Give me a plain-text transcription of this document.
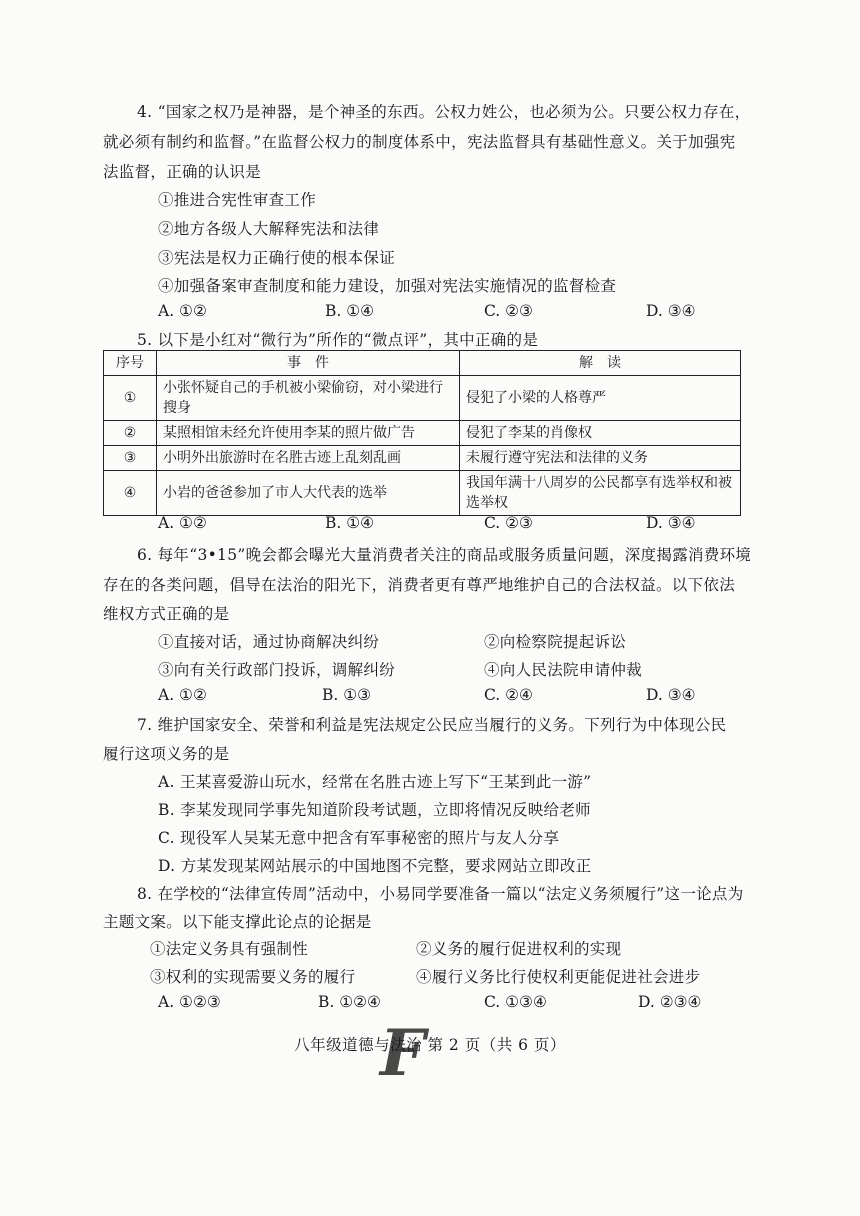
4. “国家之权乃是神器，是个神圣的东西。公权力姓公，也必须为公。只要公权力存在，
就必须有制约和监督。”在监督公权力的制度体系中，宪法监督具有基础性意义。关于加强宪
法监督，正确的认识是
①推进合宪性审查工作
②地方各级人大解释宪法和法律
③宪法是权力正确行使的根本保证
④加强备案审查制度和能力建设，加强对宪法实施情况的监督检查
A. ①②	B. ①④	C. ②③	D. ③④
5. 以下是小红对“微行为”所作的“微点评”，其中正确的是
序号	事　件	解　读
①	小张怀疑自己的手机被小梁偷窃，对小梁进行搜身	侵犯了小梁的人格尊严
②	某照相馆未经允许使用李某的照片做广告	侵犯了李某的肖像权
③	小明外出旅游时在名胜古迹上乱刻乱画	未履行遵守宪法和法律的义务
④	小岩的爸爸参加了市人大代表的选举	我国年满十八周岁的公民都享有选举权和被选举权
A. ①②	B. ①④	C. ②③	D. ③④
6. 每年“3•15”晚会都会曝光大量消费者关注的商品或服务质量问题，深度揭露消费环境
存在的各类问题，倡导在法治的阳光下，消费者更有尊严地维护自己的合法权益。以下依法
维权方式正确的是
①直接对话，通过协商解决纠纷	②向检察院提起诉讼
③向有关行政部门投诉，调解纠纷	④向人民法院申请仲裁
A. ①②	B. ①③	C. ②④	D. ③④
7. 维护国家安全、荣誉和利益是宪法规定公民应当履行的义务。下列行为中体现公民
履行这项义务的是
A. 王某喜爱游山玩水，经常在名胜古迹上写下“王某到此一游”
B. 李某发现同学事先知道阶段考试题，立即将情况反映给老师
C. 现役军人吴某无意中把含有军事秘密的照片与友人分享
D. 方某发现某网站展示的中国地图不完整，要求网站立即改正
8. 在学校的“法律宣传周”活动中，小易同学要准备一篇以“法定义务须履行”这一论点为
主题文案。以下能支撑此论点的论据是
①法定义务具有强制性	②义务的履行促进权利的实现
③权利的实现需要义务的履行	④履行义务比行使权利更能促进社会进步
A. ①②③	B. ①②④	C. ①③④	D. ②③④
F
八年级道德与法治 第 2 页（共 6 页）
